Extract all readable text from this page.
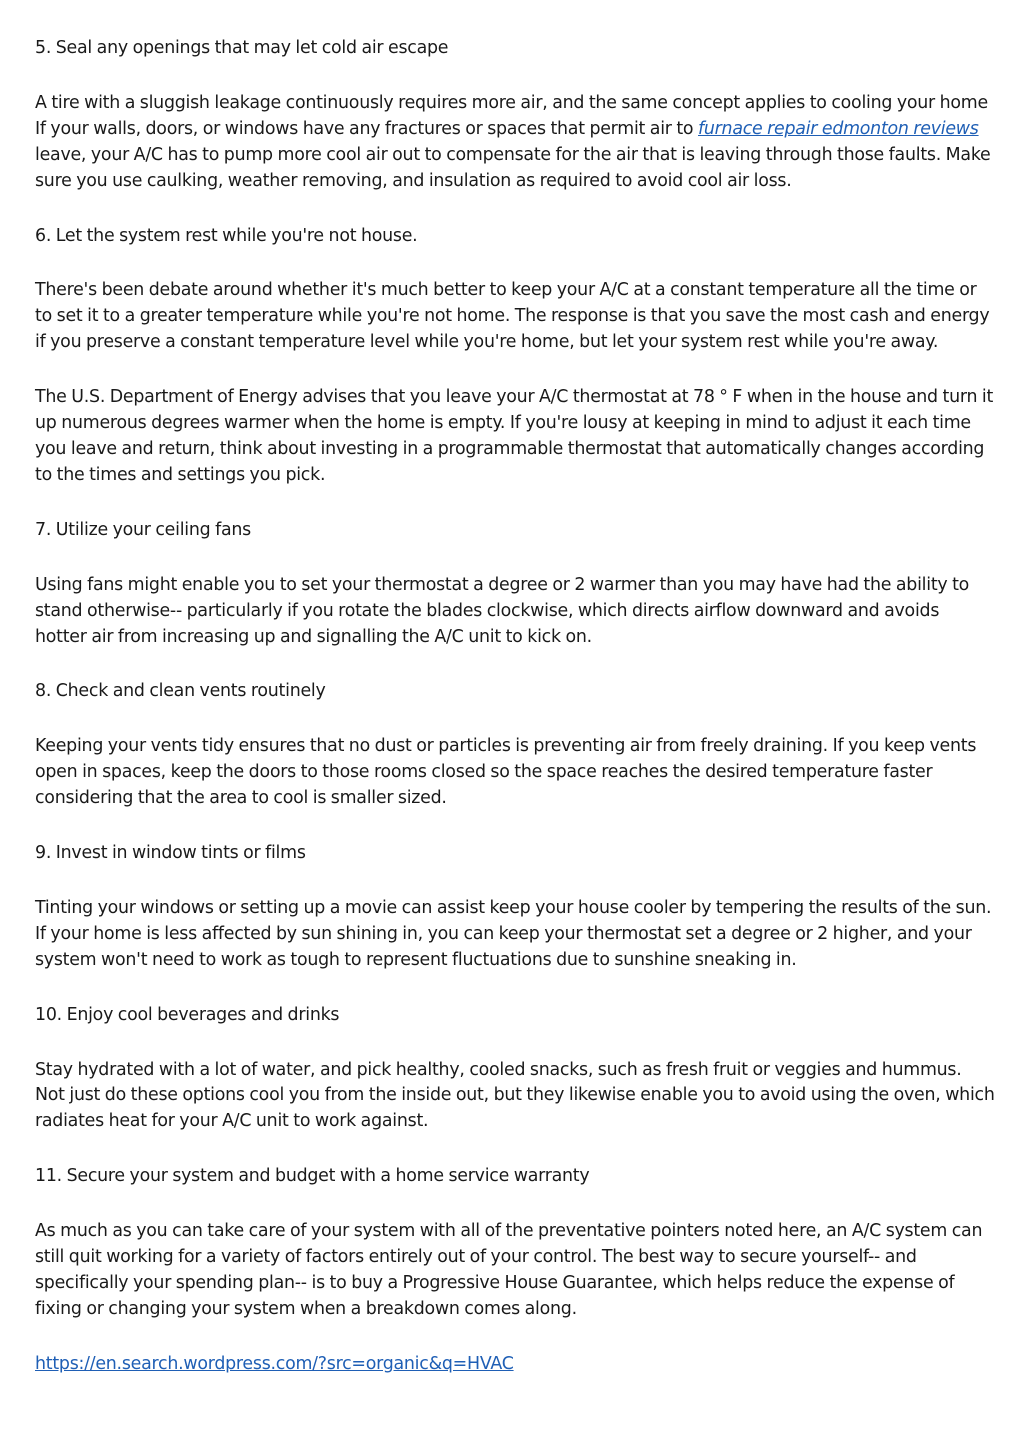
5. Seal any openings that may let cold air escape

A tire with a sluggish leakage continuously requires more air, and the same concept applies to cooling your home If your walls, doors, or windows have any fractures or spaces that permit air to furnace repair edmonton reviews leave, your A/C has to pump more cool air out to compensate for the air that is leaving through those faults. Make sure you use caulking, weather removing, and insulation as required to avoid cool air loss.

6. Let the system rest while you're not house.

There's been debate around whether it's much better to keep your A/C at a constant temperature all the time or to set it to a greater temperature while you're not home. The response is that you save the most cash and energy if you preserve a constant temperature level while you're home, but let your system rest while you're away.

The U.S. Department of Energy advises that you leave your A/C thermostat at 78 ° F when in the house and turn it up numerous degrees warmer when the home is empty. If you're lousy at keeping in mind to adjust it each time you leave and return, think about investing in a programmable thermostat that automatically changes according to the times and settings you pick.

7. Utilize your ceiling fans

Using fans might enable you to set your thermostat a degree or 2 warmer than you may have had the ability to stand otherwise-- particularly if you rotate the blades clockwise, which directs airflow downward and avoids hotter air from increasing up and signalling the A/C unit to kick on.

8. Check and clean vents routinely

Keeping your vents tidy ensures that no dust or particles is preventing air from freely draining. If you keep vents open in spaces, keep the doors to those rooms closed so the space reaches the desired temperature faster considering that the area to cool is smaller sized.

9. Invest in window tints or films

Tinting your windows or setting up a movie can assist keep your house cooler by tempering the results of the sun. If your home is less affected by sun shining in, you can keep your thermostat set a degree or 2 higher, and your system won't need to work as tough to represent fluctuations due to sunshine sneaking in.

10. Enjoy cool beverages and drinks

Stay hydrated with a lot of water, and pick healthy, cooled snacks, such as fresh fruit or veggies and hummus. Not just do these options cool you from the inside out, but they likewise enable you to avoid using the oven, which radiates heat for your A/C unit to work against.

11. Secure your system and budget with a home service warranty

As much as you can take care of your system with all of the preventative pointers noted here, an A/C system can still quit working for a variety of factors entirely out of your control. The best way to secure yourself-- and specifically your spending plan-- is to buy a Progressive House Guarantee, which helps reduce the expense of fixing or changing your system when a breakdown comes along.

https://en.search.wordpress.com/?src=organic&q=HVAC
